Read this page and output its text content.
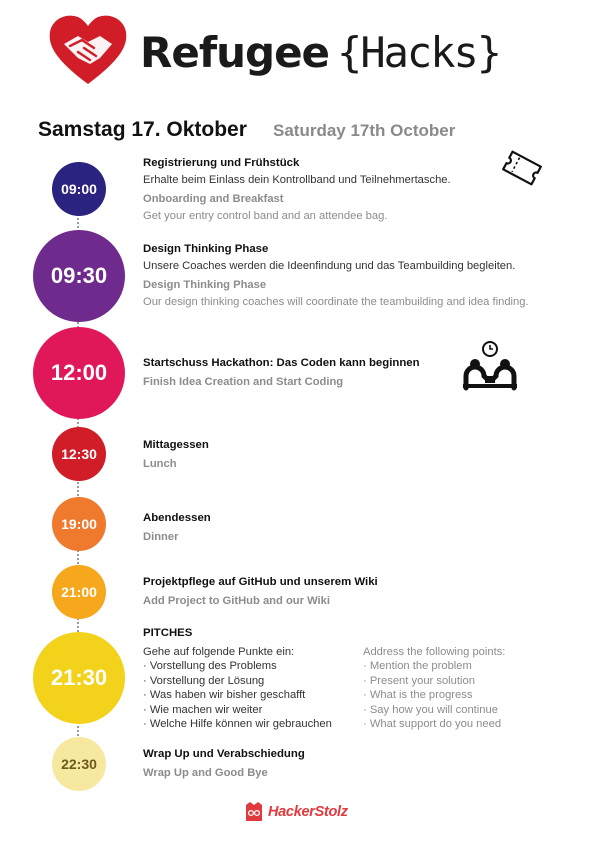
Refugee {Hacks}
Samstag 17. Oktober Saturday 17th October
09:00
09:30
12:00
12:30
19:00
21:00
21:30
22:30
Registrierung und Frühstück
Erhalte beim Einlass dein Kontrollband und Teilnehmertasche.
Onboarding and Breakfast
Get your entry control band and an attendee bag.
Design Thinking Phase
Unsere Coaches werden die Ideenfindung und das Teambuilding begleiten.
Design Thinking Phase
Our design thinking coaches will coordinate the teambuilding and idea finding.
Startschuss Hackathon: Das Coden kann beginnen
Finish Idea Creation and Start Coding
Mittagessen
Lunch
Abendessen
Dinner
Projektpflege auf GitHub und unserem Wiki
Add Project to GitHub and our Wiki
PITCHES
Gehe auf folgende Punkte ein:
· Vorstellung des Problems
· Vorstellung der Lösung
· Was haben wir bisher geschafft
· Wie machen wir weiter
· Welche Hilfe können wir gebrauchen
Address the following points:
· Mention the problem
· Present your solution
· What is the progress
· Say how you will continue
· What support do you need
Wrap Up und Verabschiedung
Wrap Up and Good Bye
HackerStolz
